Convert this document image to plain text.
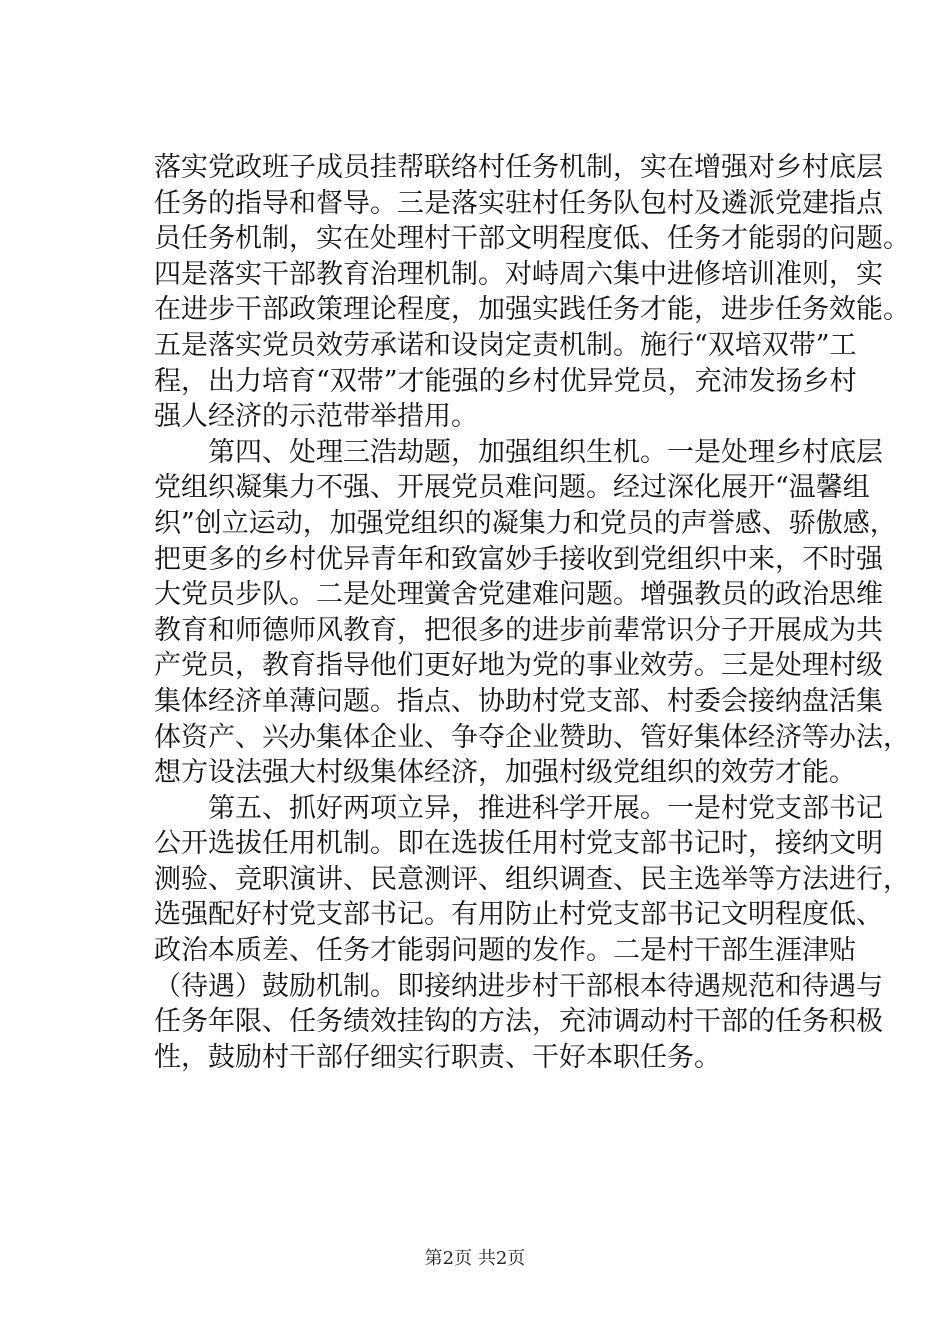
落实党政班子成员挂帮联络村任务机制，实在增强对乡村底层
任务的指导和督导。三是落实驻村任务队包村及遴派党建指点
员任务机制，实在处理村干部文明程度低、任务才能弱的问题。
四是落实干部教育治理机制。对峙周六集中进修培训准则，实
在进步干部政策理论程度，加强实践任务才能，进步任务效能。
五是落实党员效劳承诺和设岗定责机制。施行“双培双带”工
程，出力培育“双带”才能强的乡村优异党员，充沛发扬乡村
强人经济的示范带举措用。
第四、处理三浩劫题，加强组织生机。一是处理乡村底层
党组织凝集力不强、开展党员难问题。经过深化展开“温馨组
织”创立运动，加强党组织的凝集力和党员的声誉感、骄傲感，
把更多的乡村优异青年和致富妙手接收到党组织中来，不时强
大党员步队。二是处理黉舍党建难问题。增强教员的政治思维
教育和师德师风教育，把很多的进步前辈常识分子开展成为共
产党员，教育指导他们更好地为党的事业效劳。三是处理村级
集体经济单薄问题。指点、协助村党支部、村委会接纳盘活集
体资产、兴办集体企业、争夺企业赞助、管好集体经济等办法，
想方设法强大村级集体经济，加强村级党组织的效劳才能。
第五、抓好两项立异，推进科学开展。一是村党支部书记
公开选拔任用机制。即在选拔任用村党支部书记时，接纳文明
测验、竞职演讲、民意测评、组织调查、民主选举等方法进行，
选强配好村党支部书记。有用防止村党支部书记文明程度低、
政治本质差、任务才能弱问题的发作。二是村干部生涯津贴
（待遇）鼓励机制。即接纳进步村干部根本待遇规范和待遇与
任务年限、任务绩效挂钩的方法，充沛调动村干部的任务积极
性，鼓励村干部仔细实行职责、干好本职任务。
第2页 共2页
